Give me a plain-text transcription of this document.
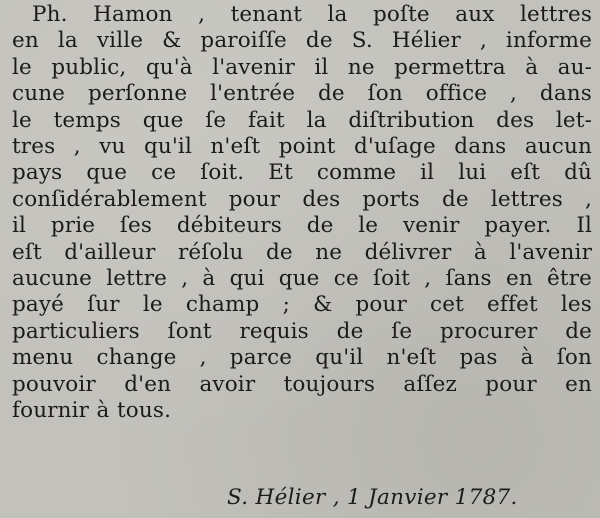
Ph. Hamon , tenant la poſte aux lettres
en la ville & paroiſſe de S. Hélier , informe
le public, qu'à l'avenir il ne permettra à au-
cune perſonne l'entrée de ſon office , dans
le temps que ſe fait la diſtribution des let-
tres , vu qu'il n'eſt point d'uſage dans aucun
pays que ce ſoit. Et comme il lui eſt dû
conſidérablement pour des ports de lettres ,
il prie ſes débiteurs de le venir payer. Il
eſt d'ailleur réſolu de ne délivrer à l'avenir
aucune lettre , à qui que ce ſoit , ſans en être
payé ſur le champ ; & pour cet effet les
particuliers ſont requis de ſe procurer de
menu change , parce qu'il n'eſt pas à ſon
pouvoir d'en avoir toujours aſſez pour en
fournir à tous.
S. Hélier , 1 Janvier 1787.
